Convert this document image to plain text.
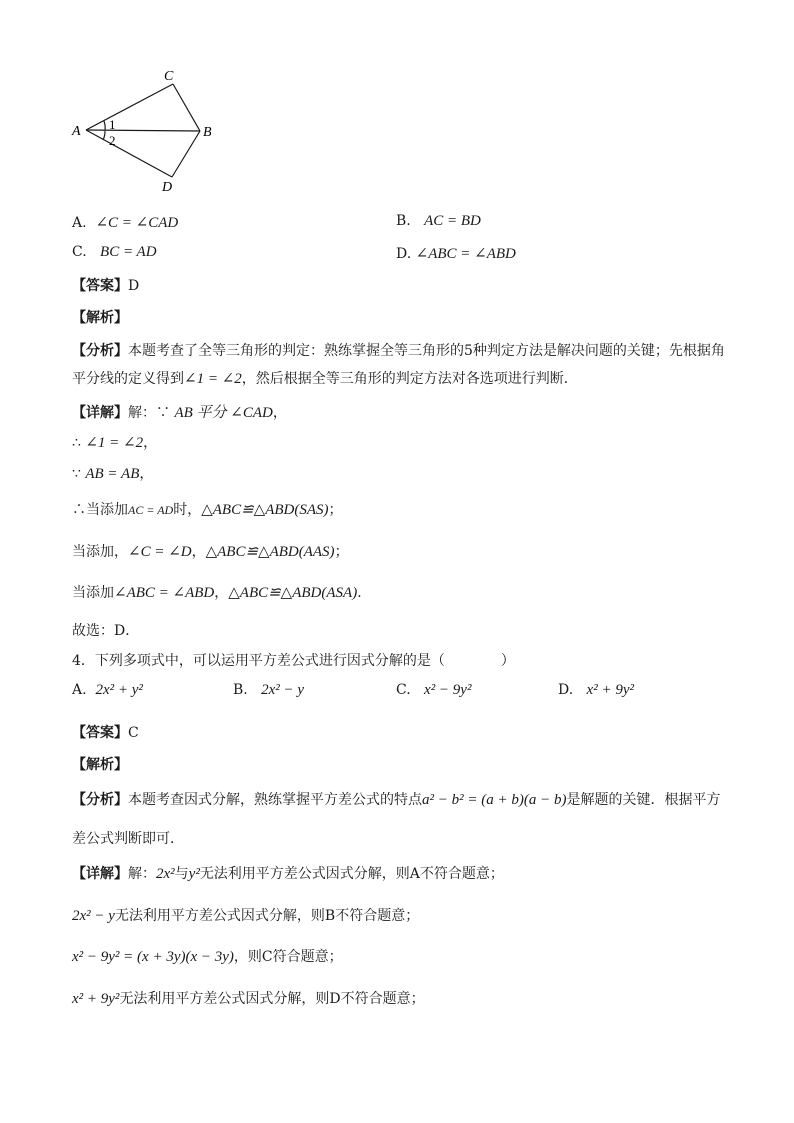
C
A	B
D
1
2
A. ∠C = ∠CAD	B. AC = BD
C. BC = AD	D. ∠ABC = ∠ABD
【答案】D
【解析】
【分析】本题考查了全等三角形的判定：熟练掌握全等三角形的5种判定方法是解决问题的关键；先根据角
平分线的定义得到∠1 = ∠2，然后根据全等三角形的判定方法对各选项进行判断．
【详解】解：∵ AB 平分 ∠CAD，
∴ ∠1 = ∠2，
∵ AB = AB，
∴当添加AC = AD时，△ABC≌△ABD(SAS)；
当添加，∠C = ∠D，△ABC≌△ABD(AAS)；
当添加∠ABC = ∠ABD，△ABC≌△ABD(ASA)．
故选：D．
4．下列多项式中，可以运用平方差公式进行因式分解的是（　　　　）
A. 2x² + y²	B. 2x² − y	C. x² − 9y²	D. x² + 9y²
【答案】C
【解析】
【分析】本题考查因式分解，熟练掌握平方差公式的特点a² − b² = (a + b)(a − b)是解题的关键．根据平方
差公式判断即可．
【详解】解：2x²与y²无法利用平方差公式因式分解，则A不符合题意；
2x² − y无法利用平方差公式因式分解，则B不符合题意；
x² − 9y² = (x + 3y)(x − 3y)，则C符合题意；
x² + 9y²无法利用平方差公式因式分解，则D不符合题意；
